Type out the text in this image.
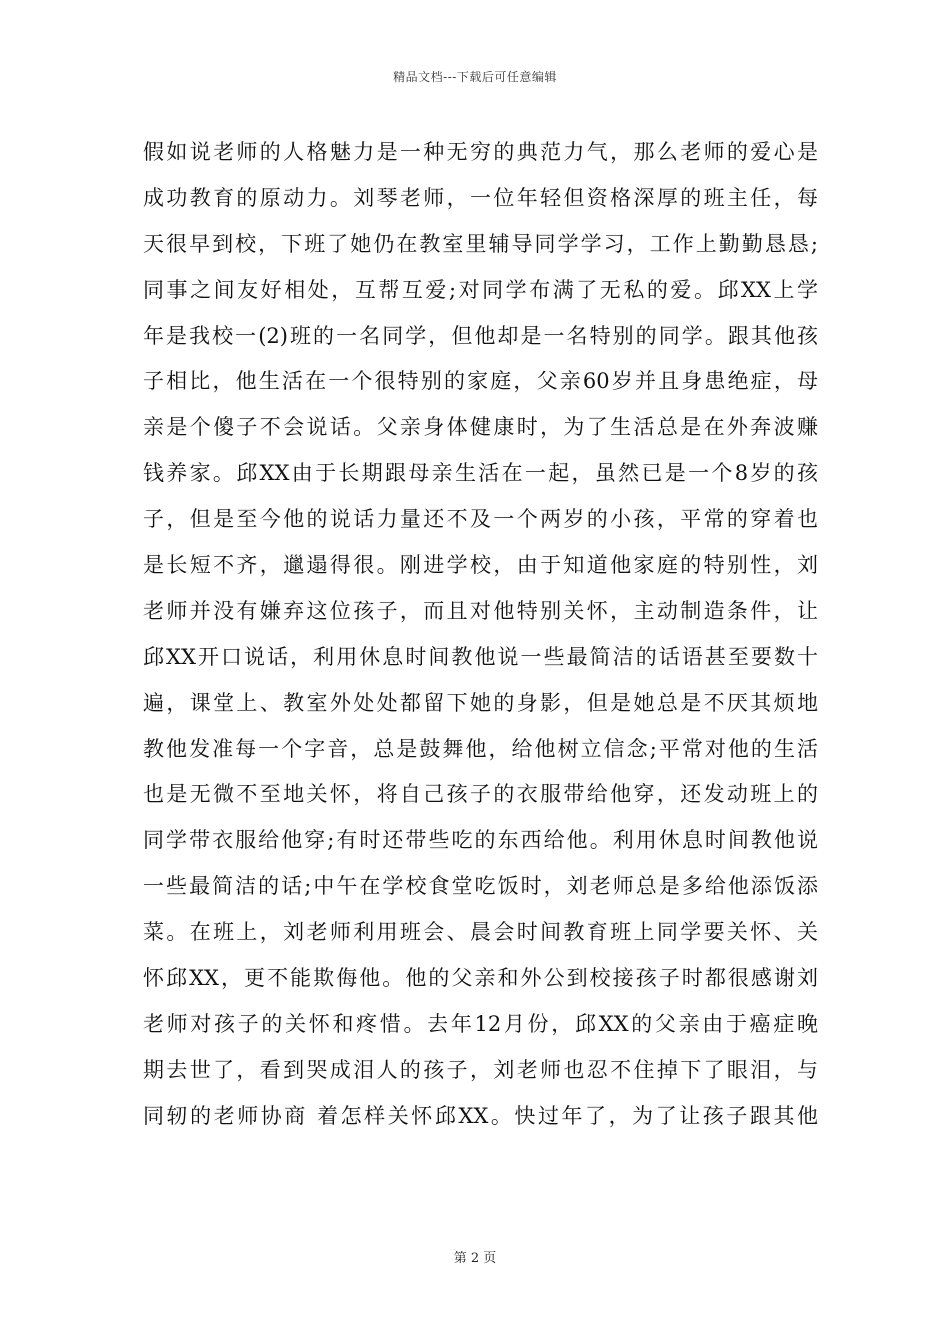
精品文档---下载后可任意编辑
假如说老师的人格魅力是一种无穷的典范力气，那么老师的爱心是
成功教育的原动力。刘琴老师，一位年轻但资格深厚的班主任，每
天很早到校，下班了她仍在教室里辅导同学学习，工作上勤勤恳恳;
同事之间友好相处，互帮互爱;对同学布满了无私的爱。邱XX上学
年是我校一(2)班的一名同学，但他却是一名特别的同学。跟其他孩
子相比，他生活在一个很特别的家庭，父亲60岁并且身患绝症，母
亲是个傻子不会说话。父亲身体健康时，为了生活总是在外奔波赚
钱养家。邱XX由于长期跟母亲生活在一起，虽然已是一个8岁的孩
子，但是至今他的说话力量还不及一个两岁的小孩，平常的穿着也
是长短不齐，邋遢得很。刚进学校，由于知道他家庭的特别性，刘
老师并没有嫌弃这位孩子，而且对他特别关怀，主动制造条件，让
邱XX开口说话，利用休息时间教他说一些最简洁的话语甚至要数十
遍，课堂上、教室外处处都留下她的身影，但是她总是不厌其烦地
教他发准每一个字音，总是鼓舞他，给他树立信念;平常对他的生活
也是无微不至地关怀，将自己孩子的衣服带给他穿，还发动班上的
同学带衣服给他穿;有时还带些吃的东西给他。利用休息时间教他说
一些最简洁的话;中午在学校食堂吃饭时，刘老师总是多给他添饭添
菜。在班上，刘老师利用班会、晨会时间教育班上同学要关怀、关
怀邱XX，更不能欺侮他。他的父亲和外公到校接孩子时都很感谢刘
老师对孩子的关怀和疼惜。去年12月份，邱XX的父亲由于癌症晚
期去世了，看到哭成泪人的孩子，刘老师也忍不住掉下了眼泪，与
同轫的老师协商 着怎样关怀邱XX。快过年了，为了让孩子跟其他
第 2 页
